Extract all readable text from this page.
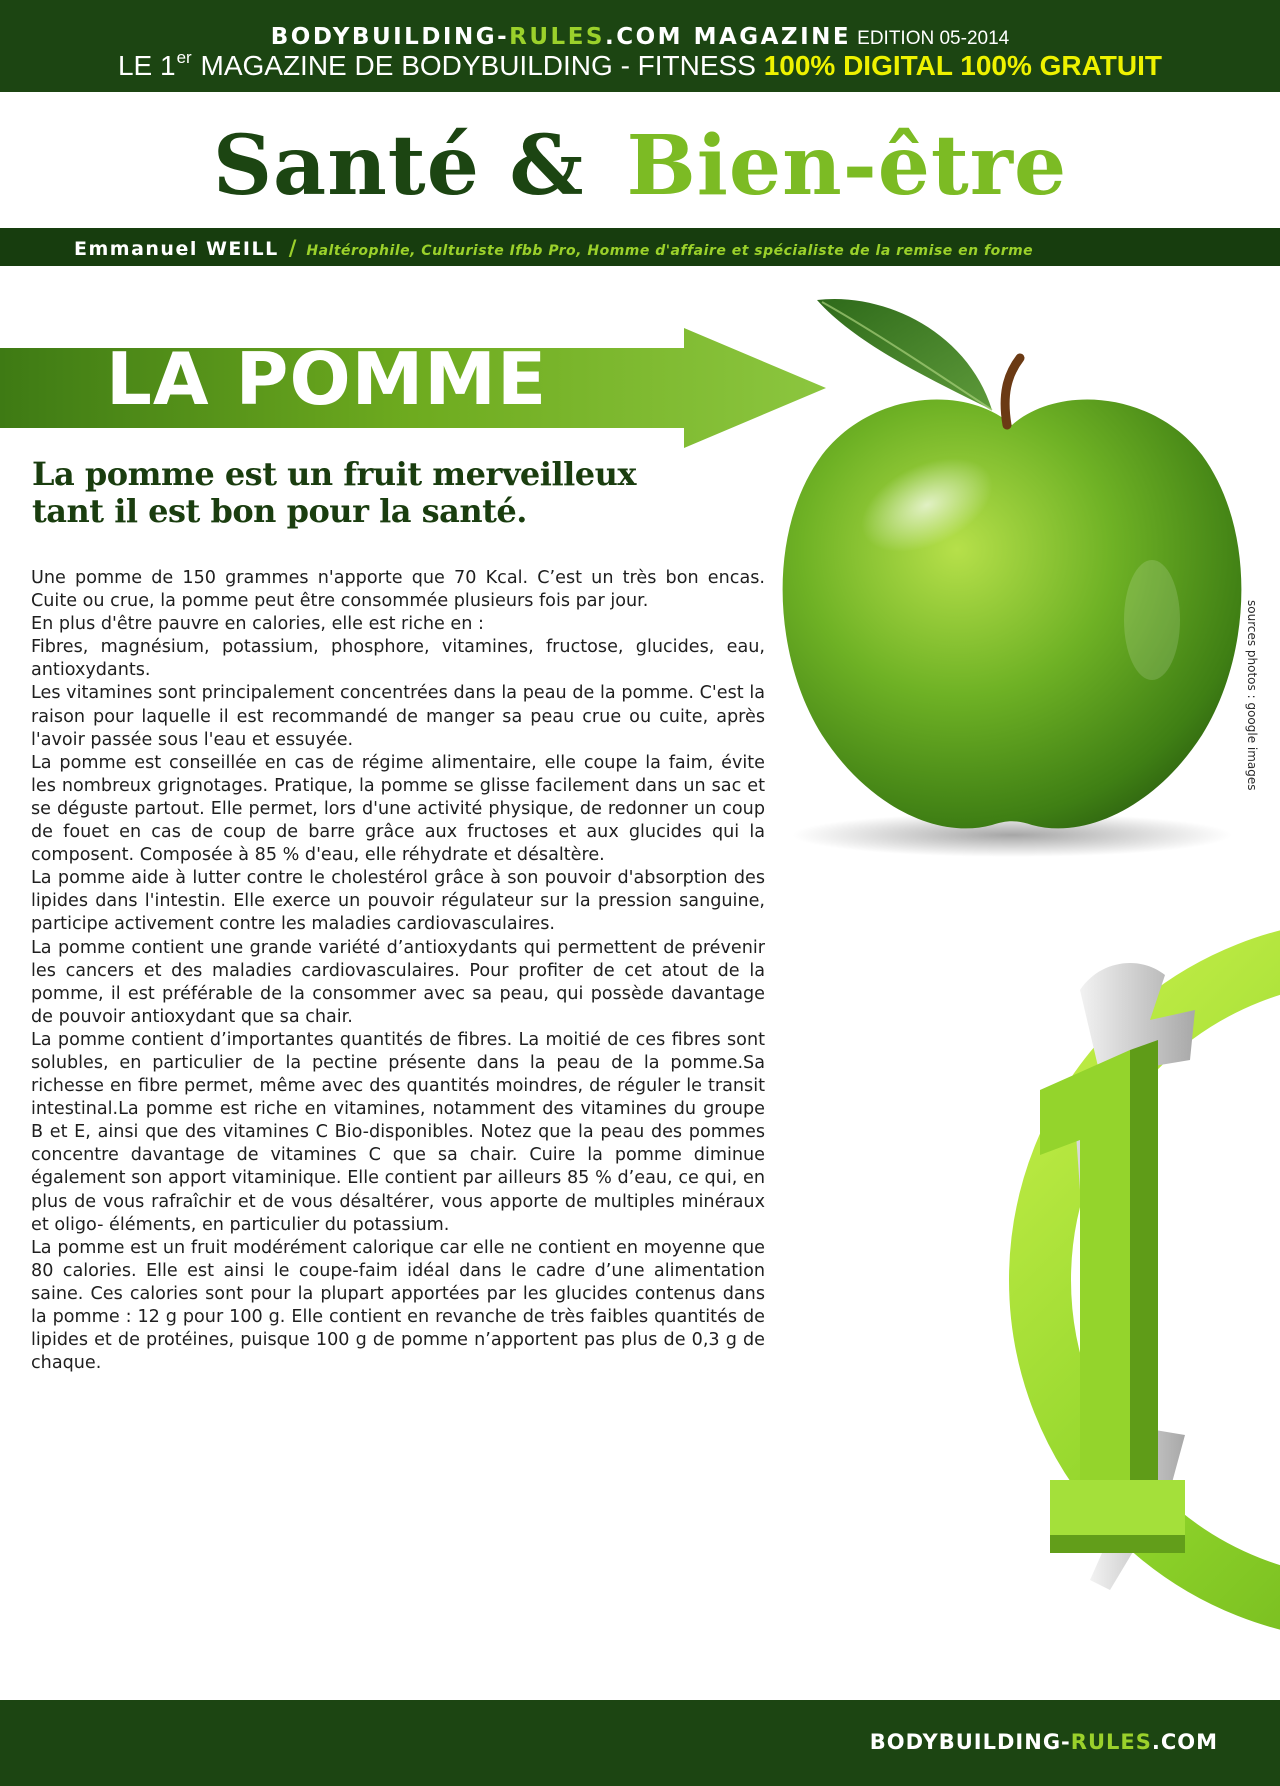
BODYBUILDING-RULES.COM MAGAZINE EDITION 05-2014
LE 1er MAGAZINE DE BODYBUILDING - FITNESS 100% DIGITAL 100% GRATUIT
Santé & Bien-être
Emmanuel WEILL / Haltérophile, Culturiste Ifbb Pro, Homme d'affaire et spécialiste de la remise en forme
LA POMME
La pomme est un fruit merveilleux
tant il est bon pour la santé.

Une pomme de 150 grammes n'apporte que 70 Kcal. C’est un très bon encas. Cuite ou crue, la pomme peut être consommée plusieurs fois par jour.

En plus d'être pauvre en calories, elle est riche en :

Fibres, magnésium, potassium, phosphore, vitamines, fructose, glucides, eau, antioxydants.

Les vitamines sont principalement concentrées dans la peau de la pomme. C'est la raison pour laquelle il est recommandé de manger sa peau crue ou cuite, après l'avoir passée sous l'eau et essuyée.

La pomme est conseillée en cas de régime alimentaire, elle coupe la faim, évite les nombreux grignotages. Pratique, la pomme se glisse facilement dans un sac et se déguste partout. Elle permet, lors d'une activité physique, de redonner un coup de fouet en cas de coup de barre grâce aux fructoses et aux glucides qui la composent. Composée à 85 % d'eau, elle réhydrate et désaltère.

La pomme aide à lutter contre le cholestérol grâce à son pouvoir d'absorption des lipides dans l'intestin. Elle exerce un pouvoir régulateur sur la pression sanguine, participe activement contre les maladies cardiovasculaires.

La pomme contient une grande variété d’antioxydants qui permettent de prévenir les cancers et des maladies cardiovasculaires. Pour profiter de cet atout de la pomme, il est préférable de la consommer avec sa peau, qui possède davantage de pouvoir antioxydant que sa chair.

La pomme contient d’importantes quantités de fibres. La moitié de ces fibres sont solubles, en particulier de la pectine présente dans la peau de la pomme.Sa richesse en fibre permet, même avec des quantités moindres, de réguler le transit intestinal.La pomme est riche en vitamines, notamment des vitamines du groupe B et E, ainsi que des vitamines C Bio-disponibles. Notez que la peau des pommes concentre davantage de vitamines C que sa chair. Cuire la pomme diminue également son apport vitaminique. Elle contient par ailleurs 85 % d’eau, ce qui, en plus de vous rafraîchir et de vous désaltérer, vous apporte de multiples minéraux et oligo- éléments, en particulier du potassium.

La pomme est un fruit modérément calorique car elle ne contient en moyenne que 80 calories. Elle est ainsi le coupe-faim idéal dans le cadre d’une alimentation saine. Ces calories sont pour la plupart apportées par les glucides contenus dans la pomme : 12 g pour 100 g. Elle contient en revanche de très faibles quantités de lipides et de protéines, puisque 100 g de pomme n’apportent pas plus de 0,3 g de chaque.

sources photos : google images
BODYBUILDING-RULES.COM
